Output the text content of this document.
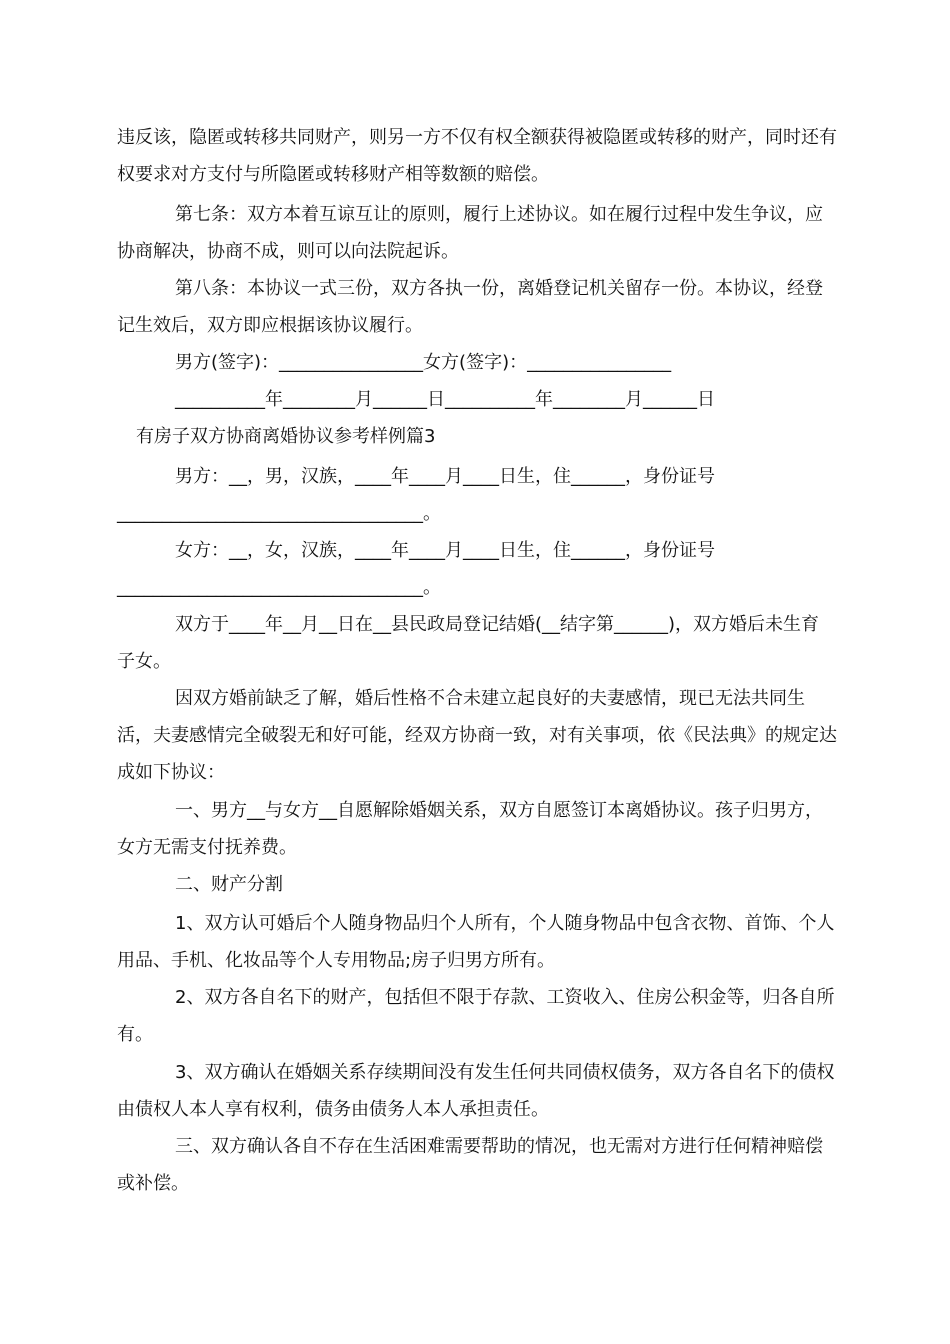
违反该，隐匿或转移共同财产，则另一方不仅有权全额获得被隐匿或转移的财产，同时还有权要求对方支付与所隐匿或转移财产相等数额的赔偿。

第七条：双方本着互谅互让的原则，履行上述协议。如在履行过程中发生争议，应协商解决，协商不成，则可以向法院起诉。

第八条：本协议一式三份，双方各执一份，离婚登记机关留存一份。本协议，经登记生效后，双方即应根据该协议履行。

男方(签字)：________________女方(签字)：________________

__________年________月______日__________年________月______日

有房子双方协商离婚协议参考样例篇3

男方：__，男，汉族，____年____月____日生，住______，身份证号__________________________________。

女方：__，女，汉族，____年____月____日生，住______，身份证号__________________________________。

双方于____年__月__日在__县民政局登记结婚(__结字第______)，双方婚后未生育子女。

因双方婚前缺乏了解，婚后性格不合未建立起良好的夫妻感情，现已无法共同生活，夫妻感情完全破裂无和好可能，经双方协商一致，对有关事项，依《民法典》的规定达成如下协议：

一、男方__与女方__自愿解除婚姻关系，双方自愿签订本离婚协议。孩子归男方，女方无需支付抚养费。

二、财产分割

1、双方认可婚后个人随身物品归个人所有，个人随身物品中包含衣物、首饰、个人用品、手机、化妆品等个人专用物品;房子归男方所有。

2、双方各自名下的财产，包括但不限于存款、工资收入、住房公积金等，归各自所有。

3、双方确认在婚姻关系存续期间没有发生任何共同债权债务，双方各自名下的债权由债权人本人享有权利，债务由债务人本人承担责任。

三、双方确认各自不存在生活困难需要帮助的情况，也无需对方进行任何精神赔偿或补偿。
